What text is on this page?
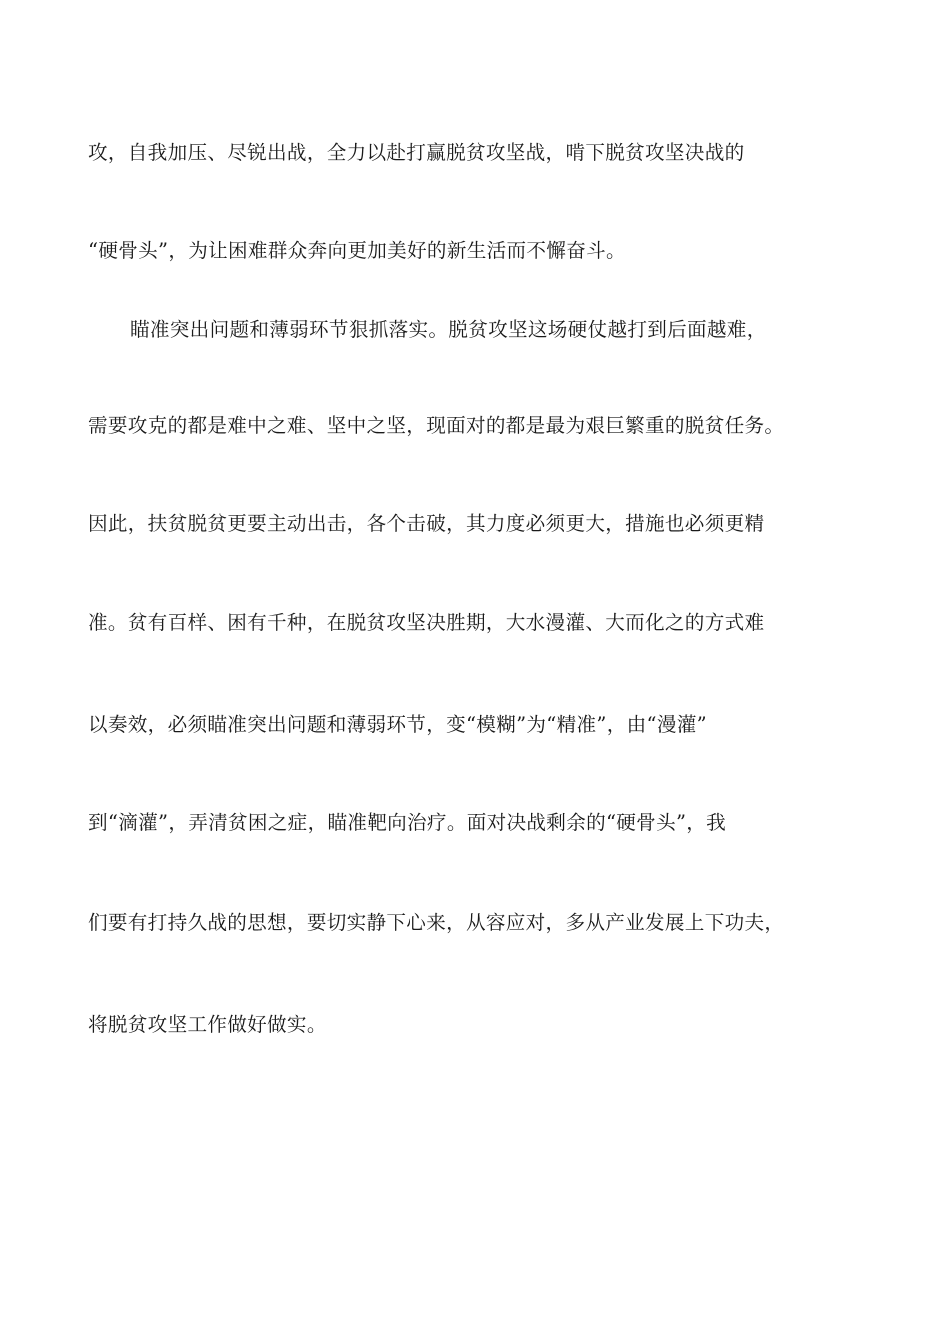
攻，自我加压、尽锐出战，全力以赴打赢脱贫攻坚战，啃下脱贫攻坚决战的
“硬骨头”，为让困难群众奔向更加美好的新生活而不懈奋斗。
瞄准突出问题和薄弱环节狠抓落实。脱贫攻坚这场硬仗越打到后面越难，
需要攻克的都是难中之难、坚中之坚，现面对的都是最为艰巨繁重的脱贫任务。
因此，扶贫脱贫更要主动出击，各个击破，其力度必须更大，措施也必须更精
准。贫有百样、困有千种，在脱贫攻坚决胜期，大水漫灌、大而化之的方式难
以奏效，必须瞄准突出问题和薄弱环节，变“模糊”为“精准”，由“漫灌”
到“滴灌”，弄清贫困之症，瞄准靶向治疗。面对决战剩余的“硬骨头”，我
们要有打持久战的思想，要切实静下心来，从容应对，多从产业发展上下功夫，
将脱贫攻坚工作做好做实。
